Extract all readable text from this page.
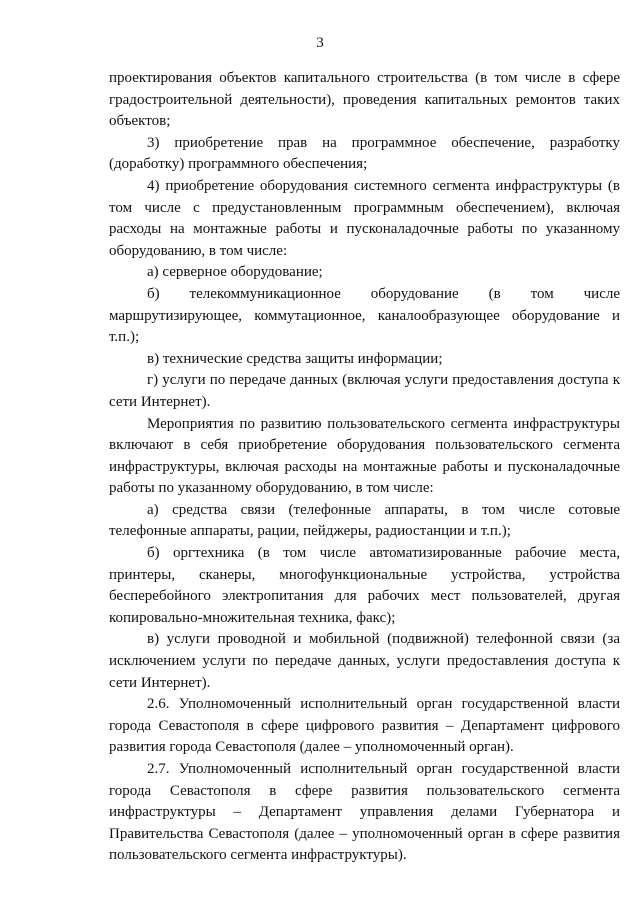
3

проектирования объектов капитального строительства (в том числе в сфере градостроительной деятельности), проведения капитальных ремонтов таких объектов;

3) приобретение прав на программное обеспечение, разработку (доработку) программного обеспечения;

4) приобретение оборудования системного сегмента инфраструктуры (в том числе с предустановленным программным обеспечением), включая расходы на монтажные работы и пусконаладочные работы по указанному оборудованию, в том числе:

а) серверное оборудование;

б) телекоммуникационное оборудование (в том числе маршрутизирующее, коммутационное, каналообразующее оборудование и т.п.);

в) технические средства защиты информации;

г) услуги по передаче данных (включая услуги предоставления доступа к сети Интернет).

Мероприятия по развитию пользовательского сегмента инфраструктуры включают в себя приобретение оборудования пользовательского сегмента инфраструктуры, включая расходы на монтажные работы и пусконаладочные работы по указанному оборудованию, в том числе:

а) средства связи (телефонные аппараты, в том числе сотовые телефонные аппараты, рации, пейджеры, радиостанции и т.п.);

б) оргтехника (в том числе автоматизированные рабочие места, принтеры, сканеры, многофункциональные устройства, устройства бесперебойного электропитания для рабочих мест пользователей, другая копировально-множительная техника, факс);

в) услуги проводной и мобильной (подвижной) телефонной связи (за исключением услуги по передаче данных, услуги предоставления доступа к сети Интернет).

2.6. Уполномоченный исполнительный орган государственной власти города Севастополя в сфере цифрового развития – Департамент цифрового развития города Севастополя (далее – уполномоченный орган).

2.7. Уполномоченный исполнительный орган государственной власти города Севастополя в сфере развития пользовательского сегмента инфраструктуры – Департамент управления делами Губернатора и Правительства Севастополя (далее – уполномоченный орган в сфере развития пользовательского сегмента инфраструктуры).
